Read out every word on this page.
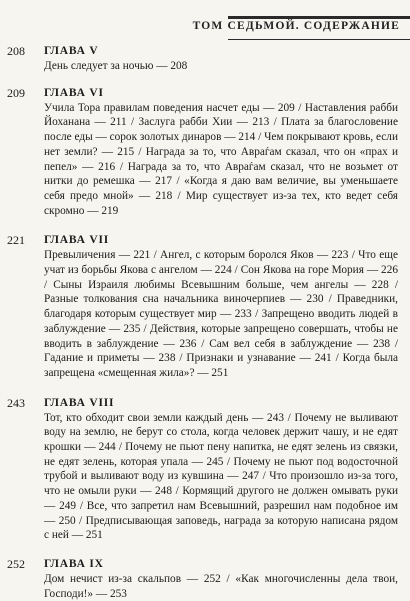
ТОМ СЕДЬМОЙ. СОДЕРЖАНИЕ
208 ГЛАВА V
День следует за ночью — 208
209 ГЛАВА VI
Учила Тора правилам поведения насчет еды — 209 / Наставления рабби Йоханана — 211 / Заслуга рабби Хии — 213 / Плата за благословение после еды — сорок золотых динаров — 214 / Чем покрывают кровь, если нет земли? — 215 / Награда за то, что Авраѓам сказал, что он «прах и пепел» — 216 / Награда за то, что Авраѓам сказал, что не возьмет от нитки до ремешка — 217 / «Когда я даю вам величие, вы уменьшаете себя предо мной» — 218 / Мир существует из-за тех, кто ведет себя скромно — 219
221 ГЛАВА VII
Превыличения — 221 / Ангел, с которым боролся Яков — 223 / Что еще учат из борьбы Якова с ангелом — 224 / Сон Якова на горе Мория — 226 / Сыны Израиля любимы Всевышним больше, чем ангелы — 228 / Разные толкования сна начальника виночерпиев — 230 / Праведники, благодаря которым существует мир — 233 / Запрещено вводить людей в заблуждение — 235 / Действия, которые запрещено совершать, чтобы не вводить в заблуждение — 236 / Сам вел себя в заблуждение — 238 / Гадание и приметы — 238 / Признаки и узнавание — 241 / Когда была запрещена «смещенная жила»? — 251
243 ГЛАВА VIII
Тот, кто обходит свои земли каждый день — 243 / Почему не выливают воду на землю, не берут со стола, когда человек держит чашу, и не едят крошки — 244 / Почему не пьют пену напитка, не едят зелень из связки, не едят зелень, которая упала — 245 / Почему не пьют под водосточной трубой и выливают воду из кувшина — 247 / Что произошло из-за того, что не омыли руки — 248 / Кормящий другого не должен омывать руки — 249 / Все, что запретил нам Всевышний, разрешил нам подобное им — 250 / Предписывающая заповедь, награда за которую написана рядом с ней — 251
252 ГЛАВА IX
Дом нечист из-за скальпов — 252 / «Как многочисленны дела твои, Господи!» — 253
